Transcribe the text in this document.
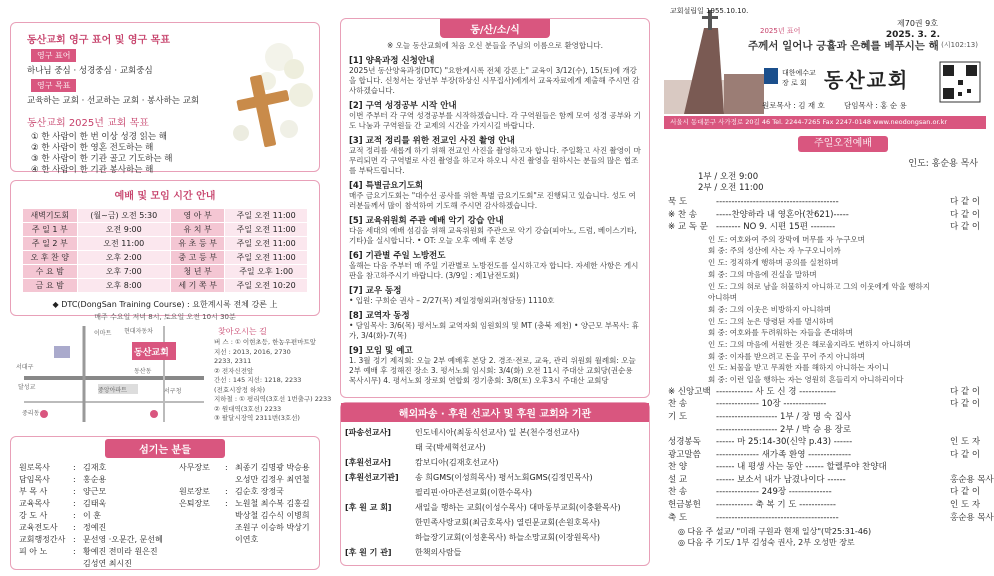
동산교회 영구 표어 및 영구 목표
영구 표어
하나님 중심 · 성경중심 · 교회중심
영구 목표
교육하는 교회 · 선교하는 교회 · 봉사하는 교회
동산교회 2025년 교회 목표
① 한 사람이 한 번 이상 성경 읽는 해
② 한 사람이 한 영혼 전도하는 해
③ 한 사람이 한 기관 골고 기도하는 해
④ 한 사람이 한 기관 봉사하는 해
예배 및 모임 시간 안내
새벽기도회	(월~금) 오전 5:30	영 아 부	주일 오전 11:00
주 일 1 부	오전 9:00	유 치 부	주일 오전 11:00
주 일 2 부	오전 11:00	유 초 등 부	주일 오전 11:00
오 후 찬 양	오후 2:00	중 고 등 부	주일 오전 11:00
수 요 밤	오후 7:00	청 년 부	주일 오후 1:00
금 요 밤	오후 8:00	세 기 쪽 부	주일 오전 10:20
◆ DTC(DongSan Training Course) : 요한계시록 전체 강론 上
매주 수요일 저녁 8시, 토요일 오전 10시 30분
동산교회
현대자동차
서대구
이마트
동산동
중앙아파트
달성교
서구청
중리동
찾아오시는 길
버 스 : ① 이현초등, 한농우편마트앞
지선 : 2013, 2016, 2730
2233, 2311
② 전자신전앞
간선 : 145 지선: 1218, 2233
(전효시장정 하차)
지하철 : ① 평리역(3호선 1번출구) 2233
② 원대역(3호선) 2233
③ 팔달시장역 2311번(3호선)
섬기는 분들
원로목사	:	김재호	사무장로	:	최종기 김명광 박승용
담임목사	:	홍순용			오성만 김정우 최연철
부 목 사	:	양근모	원로장로	:	김순호 장정국
교육목사	:	김태욱	은퇴장로	:	노원철 최수복 김홍길
강 도 사	:	이 훈			박상철 김수식 이병희
교육전도사	:	정예진			조원구 이승하 박상기
교회행정간사	:	문선영 ·오문간, 문선혜			이연호
피 아 노	:	황예진 전미라 원은진			
		김성연 최시진			
동/산/소/식
※ 오늘 동산교회에 처음 오신 분들을 주님의 이름으로 환영합니다.
[1] 양육과정 신청안내
2025년 동산양육과정(DTC) "요한계시록 전체 강론上" 교육이 3/12(수), 15(토)에 개강을 합니다. 신청서는 장년부 부장(하상신 시무집사)에게서 교육자료에게 제출해 주시면 감사하겠습니다.
[2] 구역 성경공부 시작 안내
이번 주부터 각 구역 성경공부를 시작하겠습니다. 각 구역원들은 함께 모여 성경 공부와 기도 나눔과 구역원들 간 교제의 시간을 가지시길 바랍니다.
[3] 교적 정리를 위한 전교인 사진 촬영 안내
교적 정리를 새롭게 하기 위해 전교인 사진을 촬영하고자 합니다. 주일확고 사진 촬영이 마무리되면 각 구역별로 사진 촬영을 하고자 하오니 사진 촬영을 원하시는 분들의 많은 협조를 부탁드립니다.
[4] 특별금요기도회
매주 금요기도회는 "대수선 공사를 위한 특별 금요기도회"로 진행되고 있습니다. 성도 여러분들께서 많이 참석하여 기도해 주시면 감사하겠습니다.
[5] 교육위원회 주관 예배 악기 강습 안내
다음 세대의 예배 섬김을 위해 교육위원회 주관으로 악기 강습(피아노, 드럼, 베이스기타, 기타)을 실시합니다. • OT: 오늘 오후 예배 후 본당
[6] 기관별 주일 노방전도
올해는 다음 주부터 매 주일 기관별로 노방전도를 실시하고자 합니다. 자세한 사항은 게시판을 참고하주시기 바랍니다. (3/9일 : 제1남전도회)
[7] 교우 동정
• 입원: 구희순 권사 – 2/27(목) 제일정형외과(청담동) 1110호
[8] 교역자 동정
• 담임목사: 3/6(목) 평서노회 교역자회 임원회의 및 MT (충북 제천) • 양근모 부목사: 휴가, 3/4(화)-7(목)
[9] 모임 및 예고
1. 3월 정기 제직회: 오늘 2부 예배후 본당 2. 경조·전로, 교육, 관리 위원회 월례회: 오늘 2부 예배 후 정해진 장소 3. 평서노회 임시회: 3/4(화) 오전 11시 주대산 교회당(권순용 목사시무) 4. 평서노회 장로회 연합회 정기총회: 3/8(토) 오후3시 주대산 교회당
해외파송 · 후원 선교사 및 후원 교회와 기관
[파송선교사]	인도네시아(최동식선교사) 일 본(천수경선교사)
	태 국(박세혁선교사)
[후원선교사]	캄보디아(김재호선교사)
[후원선교기관]	송 희GMS(이성희목사) 평서노회GMS(김정민목사)
	필리핀·아마존선교회(이한수목사)
[후 원 교 회]	새일을 행하는 교회(이성수목사) 대마동부교회(이충환목사)
	한민족사랑교회(최금호목사) 열린문교회(손원호목사)
	하늘장기교회(이성훈목사) 하늘소망교회(이장원목사)
[후 원 기 관]	한책의사람들
교회설립일 1955.10.10.
제70권 9호
2025. 3. 2.
2025년 표어
주께서 일어나 긍휼과 은혜를 베푸시는 해 (시102:13)
대한예수교
장 로 회 동산교회
원로목사 : 김 재 호	담임목사 : 홍 순 용
서울시 동대문구 사가정로 20길 46 Tel. 2244-7265 Fax 2247-0148 www.neodongsan.or.kr
주일오전예배
인도: 홍순용 목사
1부 / 오전 9:00
2부 / 오전 11:00
묵 도	----------------------------------------	다 같 이
※ 찬 송	-----찬양하라 내 영혼아(찬621)-----	다 같 이
※ 교 독 문 -------- NO 9. 시편 15편 --------	다 같 이
인 도: 여호와여 주의 장막에 머무를 자 누구오며
회 중: 주의 성산에 사는 자 누구오니이까
인 도: 정직하게 행하며 공의를 실천하며
회 중: 그의 마음에 진실을 말하며
인 도: 그의 혀로 남을 허물하지 아니하고 그의 이웃에게 악을 행하지
아니하며
회 중: 그의 이웃은 비방하지 아니하며
인 도: 그의 눈은 망령된 자를 멸시하며
회 중: 여호와를 두려워하는 자들을 존대하며
인 도: 그의 마음에 서원한 것은 해로울지라도 변하지 아니하며
회 중: 이자를 받으려고 돈을 꾸어 주지 아니하며
인 도: 뇌물을 받고 무죄한 자를 해하지 아니하는 자이니
회 중: 이런 일을 행하는 자는 영원히 흔들리지 아니하리이다
※ 신앙고백 ------------ 사 도 신 경 ------------	다 같 이
찬 송	-------------- 10장 --------------	다 같 이
기 도	-------------------- 1부 / 장 명 숙 집사
-------------------- 2부 / 박 승 용 장로
성경봉독	------ 마 25:14-30(신약 p.43) ------	인 도 자
광고말씀	-------------- 새가족 환영 --------------	다 같 이
찬 양	------ 내 평생 사는 동안 ------ 할렐루야 찬양대
설 교	------ 보소서 내가 남겼나이다 ------	홍순용 목사
찬 송	-------------- 249장 --------------	다 같 이
헌금봉헌	------------ 축 복 기 도 ------------	인 도 자
축 도	----------------------------------------	홍순용 목사
◎ 다음 주 설교/ "미래 구원과 현재 일상"(막25:31-46)
◎ 다음 주 기도/ 1부 김성숙 권사, 2부 오성만 장로
